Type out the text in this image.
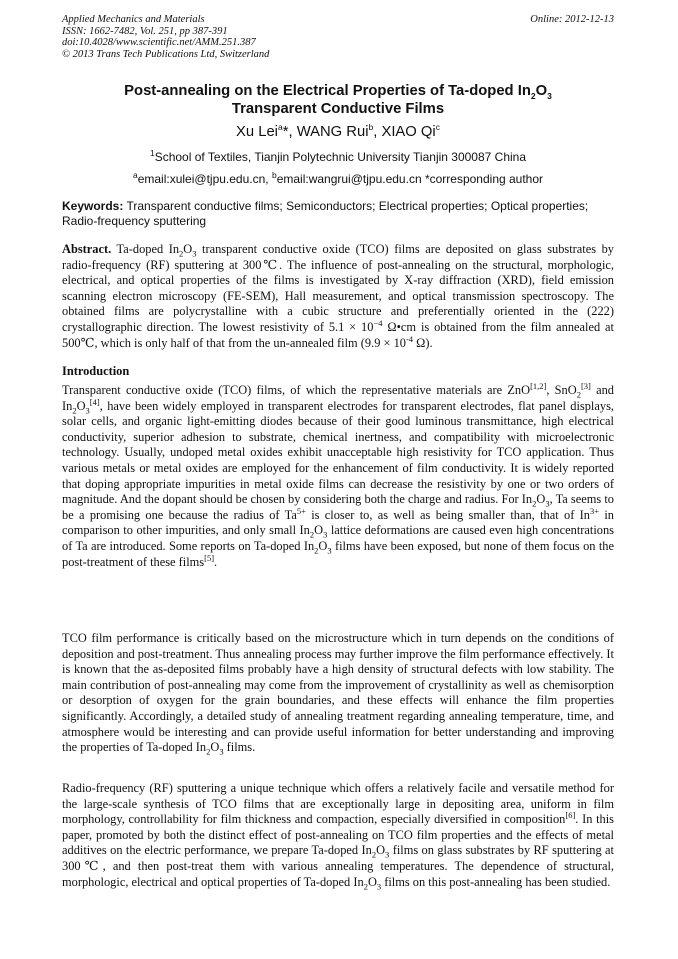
Applied Mechanics and Materials	Online: 2012-12-13
ISSN: 1662-7482, Vol. 251, pp 387-391
doi:10.4028/www.scientific.net/AMM.251.387
© 2013 Trans Tech Publications Ltd, Switzerland
Post-annealing on the Electrical Properties of Ta-doped $In_2O_3$
Transparent Conductive Films
Xu Lei$^a$*, WANG Rui$^b$, XIAO Qi$^c$
$^1$School of Textiles, Tianjin Polytechnic University Tianjin 300087 China
$^a$email:xulei@tjpu.edu.cn, $^b$email:wangrui@tjpu.edu.cn *corresponding author
Keywords: Transparent conductive films; Semiconductors; Electrical properties; Optical properties; Radio-frequency sputtering
Abstract. Ta-doped $In_2O_3$ transparent conductive oxide (TCO) films are deposited on glass substrates by radio-frequency (RF) sputtering at 300℃. The influence of post-annealing on the structural, morphologic, electrical, and optical properties of the films is investigated by X-ray diffraction (XRD), field emission scanning electron microscopy (FE-SEM), Hall measurement, and optical transmission spectroscopy. The obtained films are polycrystalline with a cubic structure and preferentially oriented in the (222) crystallographic direction. The lowest resistivity of $5.1 \times 10^{-4}$ Ω•cm is obtained from the film annealed at 500℃, which is only half of that from the un-annealed film ($9.9 \times 10^{-4}$ Ω).
Introduction
Transparent conductive oxide (TCO) films, of which the representative materials are ZnO[1,2], SnO$_2$[3] and $In_2O_3[4]$, have been widely employed in transparent electrodes for transparent electrodes, flat panel displays, solar cells, and organic light-emitting diodes because of their good luminous transmittance, high electrical conductivity, superior adhesion to substrate, chemical inertness, and compatibility with microelectronic technology. Usually, undoped metal oxides exhibit unacceptable high resistivity for TCO application. Thus various metals or metal oxides are employed for the enhancement of film conductivity. It is widely reported that doping appropriate impurities in metal oxide films can decrease the resistivity by one or two orders of magnitude. And the dopant should be chosen by considering both the charge and radius. For $In_2O_3$, Ta seems to be a promising one because the radius of $Ta^{5+}$ is closer to, as well as being smaller than, that of $In^{3+}$ in comparison to other impurities, and only small $In_2O_3$ lattice deformations are caused even high concentrations of Ta are introduced. Some reports on Ta-doped $In_2O_3$ films have been exposed, but none of them focus on the post-treatment of these films[5].
TCO film performance is critically based on the microstructure which in turn depends on the conditions of deposition and post-treatment. Thus annealing process may further improve the film performance effectively. It is known that the as-deposited films probably have a high density of structural defects with low stability. The main contribution of post-annealing may come from the improvement of crystallinity as well as chemisorption or desorption of oxygen for the grain boundaries, and these effects will enhance the film properties significantly. Accordingly, a detailed study of annealing treatment regarding annealing temperature, time, and atmosphere would be interesting and can provide useful information for better understanding and improving the properties of Ta-doped $In_2O_3$ films.
Radio-frequency (RF) sputtering a unique technique which offers a relatively facile and versatile method for the large-scale synthesis of TCO films that are exceptionally large in depositing area, uniform in film morphology, controllability for film thickness and compaction, especially diversified in composition[6]. In this paper, promoted by both the distinct effect of post-annealing on TCO film properties and the effects of metal additives on the electric performance, we prepare Ta-doped $In_2O_3$ films on glass substrates by RF sputtering at 300℃, and then post-treat them with various annealing temperatures. The dependence of structural, morphologic, electrical and optical properties of Ta-doped $In_2O_3$ films on this post-annealing has been studied.
